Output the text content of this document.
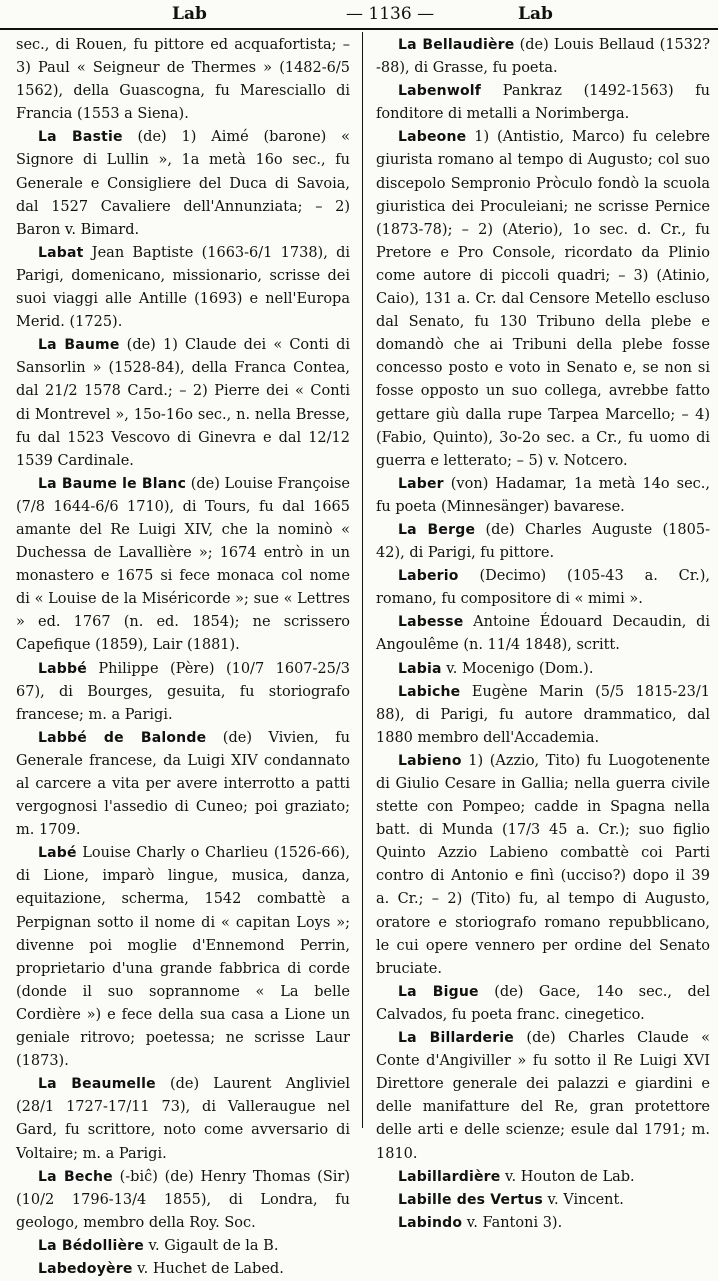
Lab	— 1136 —	Lab

sec., di Rouen, fu pittore ed acquafortista; – 3) Paul « Seigneur de Thermes » (1482-6/5 1562), della Guascogna, fu Maresciallo di Francia (1553 a Siena).

La Bastie (de) 1) Aimé (barone) « Signore di Lullin », 1a metà 16o sec., fu Generale e Consigliere del Duca di Savoia, dal 1527 Cavaliere dell'Annunziata; – 2) Baron v. Bimard.

Labat Jean Baptiste (1663-6/1 1738), di Parigi, domenicano, missionario, scrisse dei suoi viaggi alle Antille (1693) e nell'Europa Merid. (1725).

La Baume (de) 1) Claude dei « Conti di Sansorlin » (1528-84), della Franca Contea, dal 21/2 1578 Card.; – 2) Pierre dei « Conti di Montrevel », 15o-16o sec., n. nella Bresse, fu dal 1523 Vescovo di Ginevra e dal 12/12 1539 Cardinale.

La Baume le Blanc (de) Louise Françoise (7/8 1644-6/6 1710), di Tours, fu dal 1665 amante del Re Luigi XIV, che la nominò « Duchessa de Lavallière »; 1674 entrò in un monastero e 1675 si fece monaca col nome di « Louise de la Miséricorde »; sue « Lettres » ed. 1767 (n. ed. 1854); ne scrissero Capefique (1859), Lair (1881).

Labbé Philippe (Père) (10/7 1607-25/3 67), di Bourges, gesuita, fu storiografo francese; m. a Parigi.

Labbé de Balonde (de) Vivien, fu Generale francese, da Luigi XIV condannato al carcere a vita per avere interrotto a patti vergognosi l'assedio di Cuneo; poi graziato; m. 1709.

Labé Louise Charly o Charlieu (1526-66), di Lione, imparò lingue, musica, danza, equitazione, scherma, 1542 combattè a Perpignan sotto il nome di « capitan Loys »; divenne poi moglie d'Ennemond Perrin, proprietario d'una grande fabbrica di corde (donde il suo soprannome « La belle Cordière ») e fece della sua casa a Lione un geniale ritrovo; poetessa; ne scrisse Laur (1873).

La Beaumelle (de) Laurent Angliviel (28/1 1727-17/11 73), di Valleraugue nel Gard, fu scrittore, noto come avversario di Voltaire; m. a Parigi.

La Beche (-biĉ) (de) Henry Thomas (Sir) (10/2 1796-13/4 1855), di Londra, fu geologo, membro della Roy. Soc.

La Bédollière v. Gigault de la B.

Labedoyère v. Huchet de Labed.

La Bellaudière (de) Louis Bellaud (1532?-88), di Grasse, fu poeta.

Labenwolf Pankraz (1492-1563) fu fonditore di metalli a Norimberga.

Labeone 1) (Antistio, Marco) fu celebre giurista romano al tempo di Augusto; col suo discepolo Sempronio Pròculo fondò la scuola giuristica dei Proculeiani; ne scrisse Pernice (1873-78); – 2) (Aterio), 1o sec. d. Cr., fu Pretore e Pro Console, ricordato da Plinio come autore di piccoli quadri; – 3) (Atinio, Caio), 131 a. Cr. dal Censore Metello escluso dal Senato, fu 130 Tribuno della plebe e domandò che ai Tribuni della plebe fosse concesso posto e voto in Senato e, se non si fosse opposto un suo collega, avrebbe fatto gettare giù dalla rupe Tarpea Marcello; – 4) (Fabio, Quinto), 3o-2o sec. a Cr., fu uomo di guerra e letterato; – 5) v. Notcero.

Laber (von) Hadamar, 1a metà 14o sec., fu poeta (Minnesänger) bavarese.

La Berge (de) Charles Auguste (1805-42), di Parigi, fu pittore.

Laberio (Decimo) (105-43 a. Cr.), romano, fu compositore di « mimi ».

Labesse Antoine Édouard Decaudin, di Angoulême (n. 11/4 1848), scritt.

Labia v. Mocenigo (Dom.).

Labiche Eugène Marin (5/5 1815-23/1 88), di Parigi, fu autore drammatico, dal 1880 membro dell'Accademia.

Labieno 1) (Azzio, Tito) fu Luogotenente di Giulio Cesare in Gallia; nella guerra civile stette con Pompeo; cadde in Spagna nella batt. di Munda (17/3 45 a. Cr.); suo figlio Quinto Azzio Labieno combattè coi Parti contro di Antonio e finì (ucciso?) dopo il 39 a. Cr.; – 2) (Tito) fu, al tempo di Augusto, oratore e storiografo romano repubblicano, le cui opere vennero per ordine del Senato bruciate.

La Bigue (de) Gace, 14o sec., del Calvados, fu poeta franc. cinegetico.

La Billarderie (de) Charles Claude « Conte d'Angiviller » fu sotto il Re Luigi XVI Direttore generale dei palazzi e giardini e delle manifatture del Re, gran protettore delle arti e delle scienze; esule dal 1791; m. 1810.

Labillardière v. Houton de Lab.

Labille des Vertus v. Vincent.

Labindo v. Fantoni 3).
